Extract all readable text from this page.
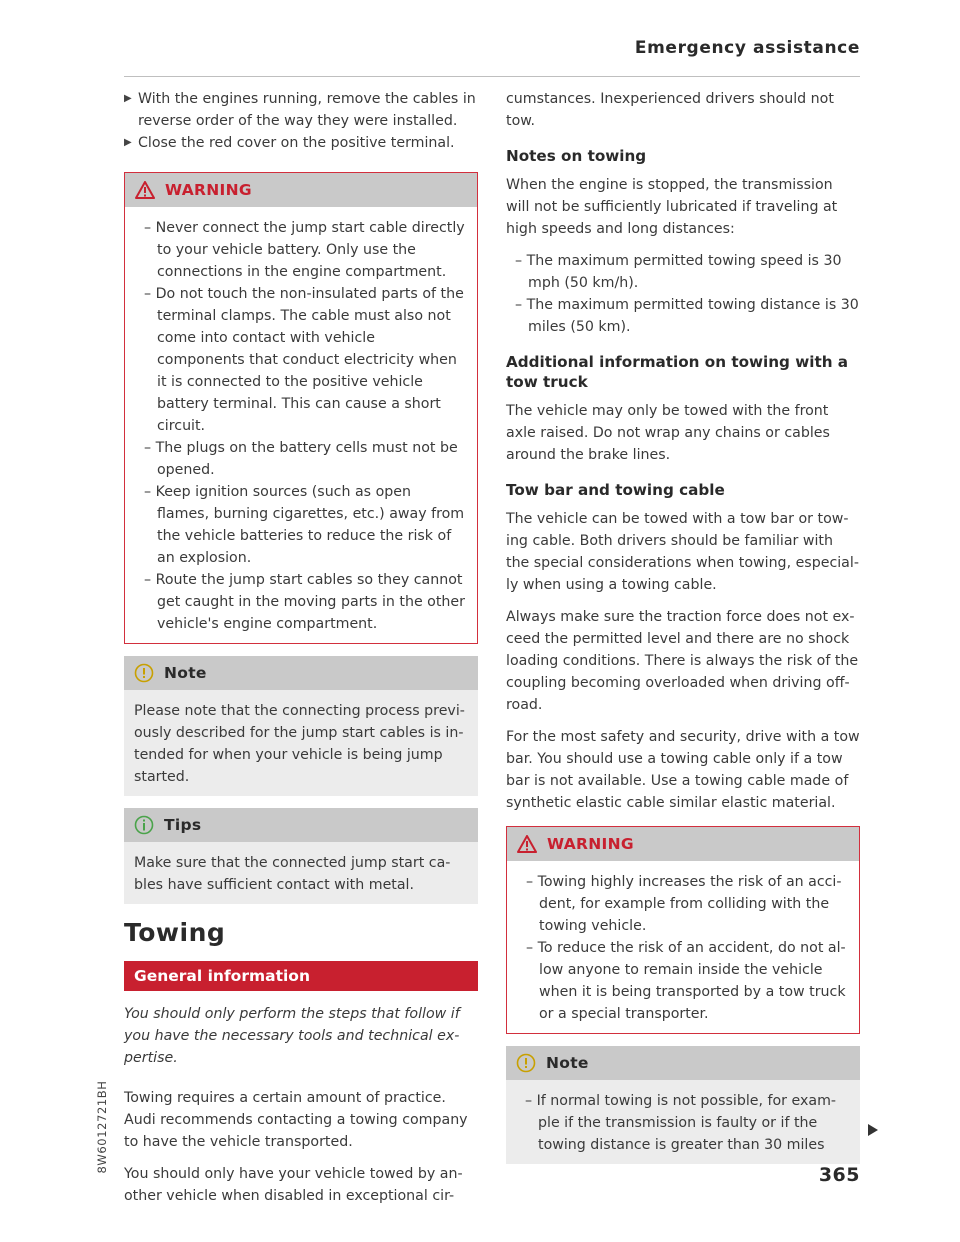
Emergency assistance
▶ With the engines running, remove the cables in reverse order of the way they were installed.
▶ Close the red cover on the positive terminal.
WARNING
– Never connect the jump start cable directly to your vehicle battery. Only use the connections in the engine compartment.
– Do not touch the non-insulated parts of the terminal clamps. The cable must also not come into contact with vehicle components that conduct electricity when it is connected to the positive vehicle battery terminal. This can cause a short circuit.
– The plugs on the battery cells must not be opened.
– Keep ignition sources (such as open flames, burning cigarettes, etc.) away from the vehicle batteries to reduce the risk of an explosion.
– Route the jump start cables so they cannot get caught in the moving parts in the other vehicle's engine compartment.
Note

Please note that the connecting process previously described for the jump start cables is intended for when your vehicle is being jump started.

Tips

Make sure that the connected jump start cables have sufficient contact with metal.

Towing
General information

You should only perform the steps that follow if you have the necessary tools and technical expertise.

Towing requires a certain amount of practice. Audi recommends contacting a towing company to have the vehicle transported.

You should only have your vehicle towed by another vehicle when disabled in exceptional cir-

cumstances. Inexperienced drivers should not tow.

Notes on towing

When the engine is stopped, the transmission will not be sufficiently lubricated if traveling at high speeds and long distances:

– The maximum permitted towing speed is 30 mph (50 km/h).
– The maximum permitted towing distance is 30 miles (50 km).
Additional information on towing with a tow truck

The vehicle may only be towed with the front axle raised. Do not wrap any chains or cables around the brake lines.

Tow bar and towing cable

The vehicle can be towed with a tow bar or towing cable. Both drivers should be familiar with the special considerations when towing, especially when using a towing cable.

Always make sure the traction force does not exceed the permitted level and there are no shock loading conditions. There is always the risk of the coupling becoming overloaded when driving off-road.

For the most safety and security, drive with a tow bar. You should use a towing cable only if a tow bar is not available. Use a towing cable made of synthetic elastic cable similar elastic material.

WARNING
– Towing highly increases the risk of an accident, for example from colliding with the towing vehicle.
– To reduce the risk of an accident, do not allow anyone to remain inside the vehicle when it is being transported by a tow truck or a special transporter.
Note
– If normal towing is not possible, for example if the transmission is faulty or if the towing distance is greater than 30 miles
8W6012721BH
365
